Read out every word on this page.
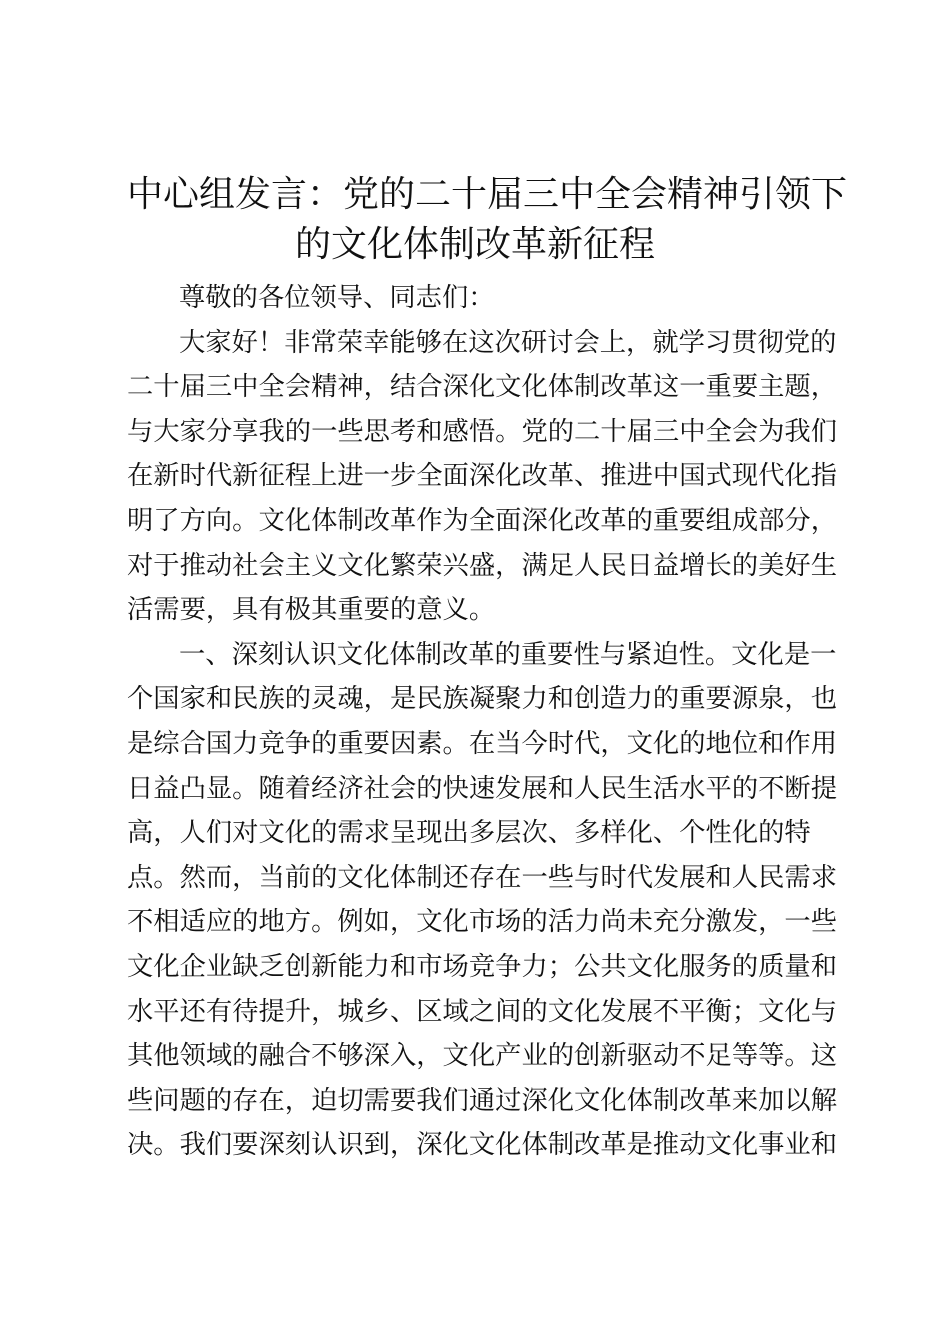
中心组发言：党的二十届三中全会精神引领下
的文化体制改革新征程

尊敬的各位领导、同志们：

大家好！非常荣幸能够在这次研讨会上，就学习贯彻党的
二十届三中全会精神，结合深化文化体制改革这一重要主题，
与大家分享我的一些思考和感悟。党的二十届三中全会为我们
在新时代新征程上进一步全面深化改革、推进中国式现代化指
明了方向。文化体制改革作为全面深化改革的重要组成部分，
对于推动社会主义文化繁荣兴盛，满足人民日益增长的美好生
活需要，具有极其重要的意义。

一、深刻认识文化体制改革的重要性与紧迫性。文化是一
个国家和民族的灵魂，是民族凝聚力和创造力的重要源泉，也
是综合国力竞争的重要因素。在当今时代，文化的地位和作用
日益凸显。随着经济社会的快速发展和人民生活水平的不断提
高，人们对文化的需求呈现出多层次、多样化、个性化的特
点。然而，当前的文化体制还存在一些与时代发展和人民需求
不相适应的地方。例如，文化市场的活力尚未充分激发，一些
文化企业缺乏创新能力和市场竞争力；公共文化服务的质量和
水平还有待提升，城乡、区域之间的文化发展不平衡；文化与
其他领域的融合不够深入，文化产业的创新驱动不足等等。这
些问题的存在，迫切需要我们通过深化文化体制改革来加以解
决。我们要深刻认识到，深化文化体制改革是推动文化事业和
